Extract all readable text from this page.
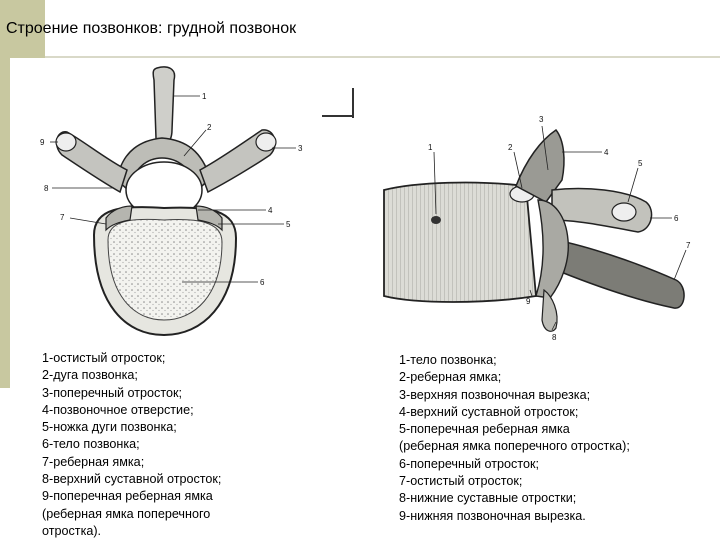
Строение позвонков: грудной позвонок
1
2
3
4
5
6
7
8
9
1	2
3
4
5
6
7
8
9
1-остистый отросток;
2-дуга позвонка;
3-поперечный отросток;
4-позвоночное отверстие;
5-ножка дуги позвонка;
6-тело позвонка;
7-реберная ямка;
8-верхний суставной отросток;
9-поперечная реберная ямка
(реберная ямка поперечного
отростка).
1-тело позвонка;
2-реберная ямка;
3-верхняя позвоночная вырезка;
4-верхний суставной отросток;
5-поперечная реберная ямка
(реберная ямка поперечного отростка);
6-поперечный отросток;
7-остистый отросток;
8-нижние суставные отростки;
9-нижняя позвоночная вырезка.
